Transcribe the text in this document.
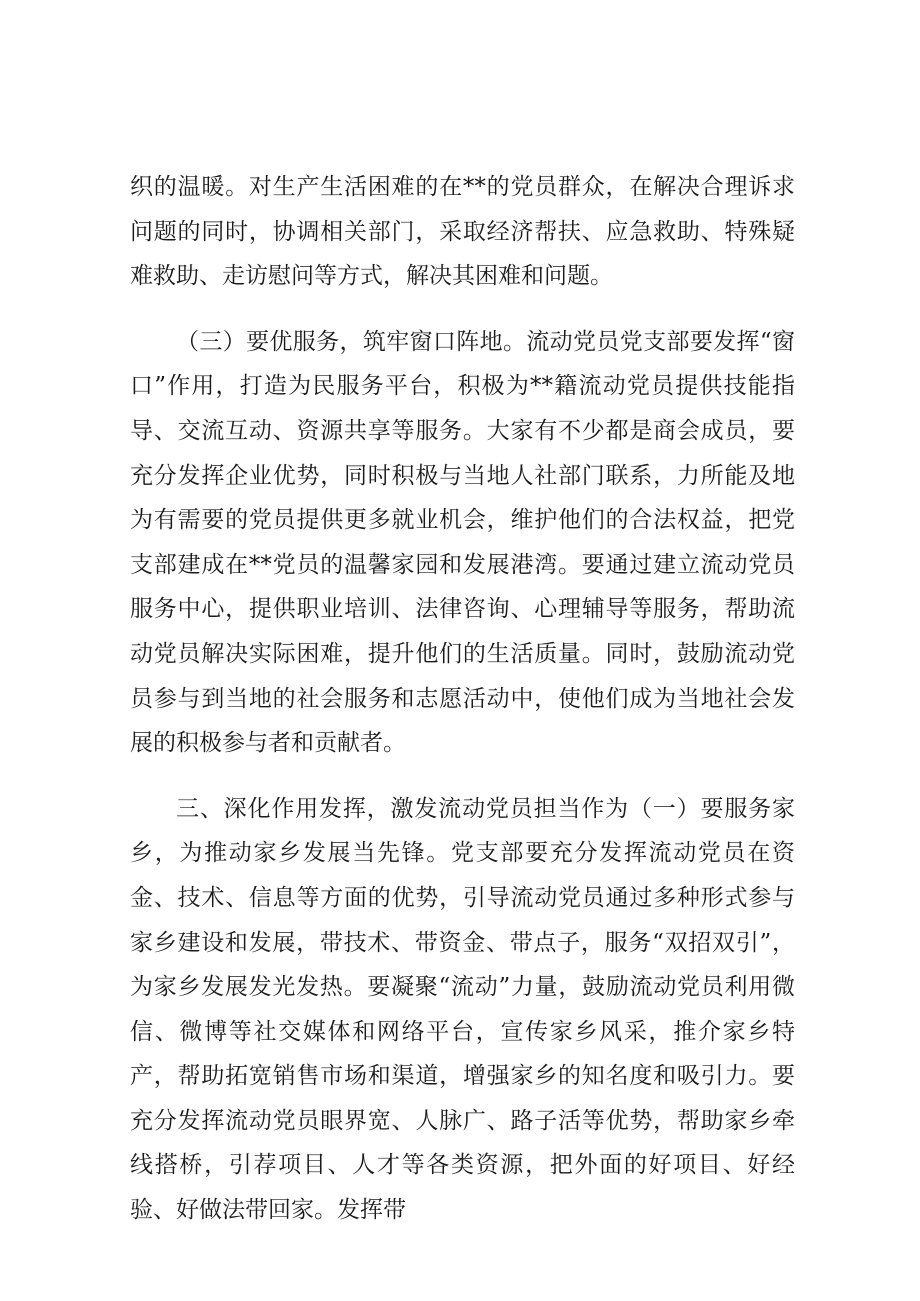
织的温暖。对生产生活困难的在**的党员群众，在解决合理诉求问题的同时，协调相关部门，采取经济帮扶、应急救助、特殊疑难救助、走访慰问等方式，解决其困难和问题。

（三）要优服务，筑牢窗口阵地。流动党员党支部要发挥“窗口”作用，打造为民服务平台，积极为**籍流动党员提供技能指导、交流互动、资源共享等服务。大家有不少都是商会成员，要充分发挥企业优势，同时积极与当地人社部门联系，力所能及地为有需要的党员提供更多就业机会，维护他们的合法权益，把党支部建成在**党员的温馨家园和发展港湾。要通过建立流动党员服务中心，提供职业培训、法律咨询、心理辅导等服务，帮助流动党员解决实际困难，提升他们的生活质量。同时，鼓励流动党员参与到当地的社会服务和志愿活动中，使他们成为当地社会发展的积极参与者和贡献者。

三、深化作用发挥，激发流动党员担当作为（一）要服务家乡，为推动家乡发展当先锋。党支部要充分发挥流动党员在资金、技术、信息等方面的优势，引导流动党员通过多种形式参与家乡建设和发展，带技术、带资金、带点子，服务“双招双引”，为家乡发展发光发热。要凝聚“流动”力量，鼓励流动党员利用微信、微博等社交媒体和网络平台，宣传家乡风采，推介家乡特产，帮助拓宽销售市场和渠道，增强家乡的知名度和吸引力。要充分发挥流动党员眼界宽、人脉广、路子活等优势，帮助家乡牵线搭桥，引荐项目、人才等各类资源，把外面的好项目、好经验、好做法带回家。发挥带
